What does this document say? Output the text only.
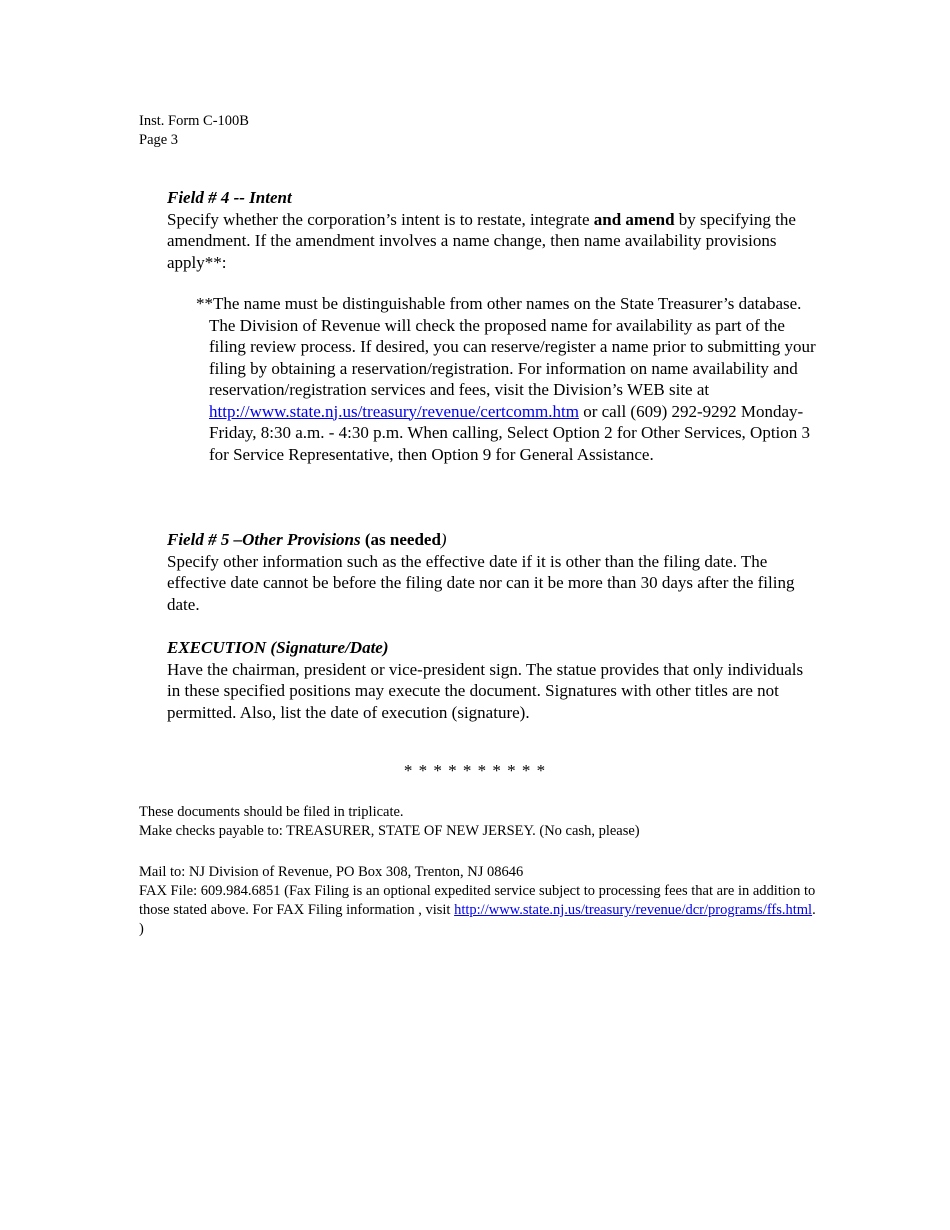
Inst. Form C-100B
Page 3
Field # 4 -- Intent

Specify whether the corporation’s intent is to restate, integrate and amend by specifying the amendment. If the amendment involves a name change, then name availability provisions apply**:

**The name must be distinguishable from other names on the State Treasurer’s database. The Division of Revenue will check the proposed name for availability as part of the filing review process. If desired, you can reserve/register a name prior to submitting your filing by obtaining a reservation/registration. For information on name availability and reservation/registration services and fees, visit the Division’s WEB site at http://www.state.nj.us/treasury/revenue/certcomm.htm or call (609) 292-9292 Monday-Friday, 8:30 a.m. - 4:30 p.m. When calling, Select Option 2 for Other Services, Option 3 for Service Representative, then Option 9 for General Assistance.

Field # 5 –Other Provisions (as needed)

Specify other information such as the effective date if it is other than the filing date. The effective date cannot be before the filing date nor can it be more than 30 days after the filing date.

EXECUTION (Signature/Date)

Have the chairman, president or vice-president sign. The statue provides that only individuals in these specified positions may execute the document. Signatures with other titles are not permitted. Also, list the date of execution (signature).

* * * * * * * * * *
These documents should be filed in triplicate.
Make checks payable to: TREASURER, STATE OF NEW JERSEY. (No cash, please)
Mail to: NJ Division of Revenue, PO Box 308, Trenton, NJ 08646

FAX File: 609.984.6851 (Fax Filing is an optional expedited service subject to processing fees that are in addition to those stated above. For FAX Filing information , visit http://www.state.nj.us/treasury/revenue/dcr/programs/ffs.html. )
